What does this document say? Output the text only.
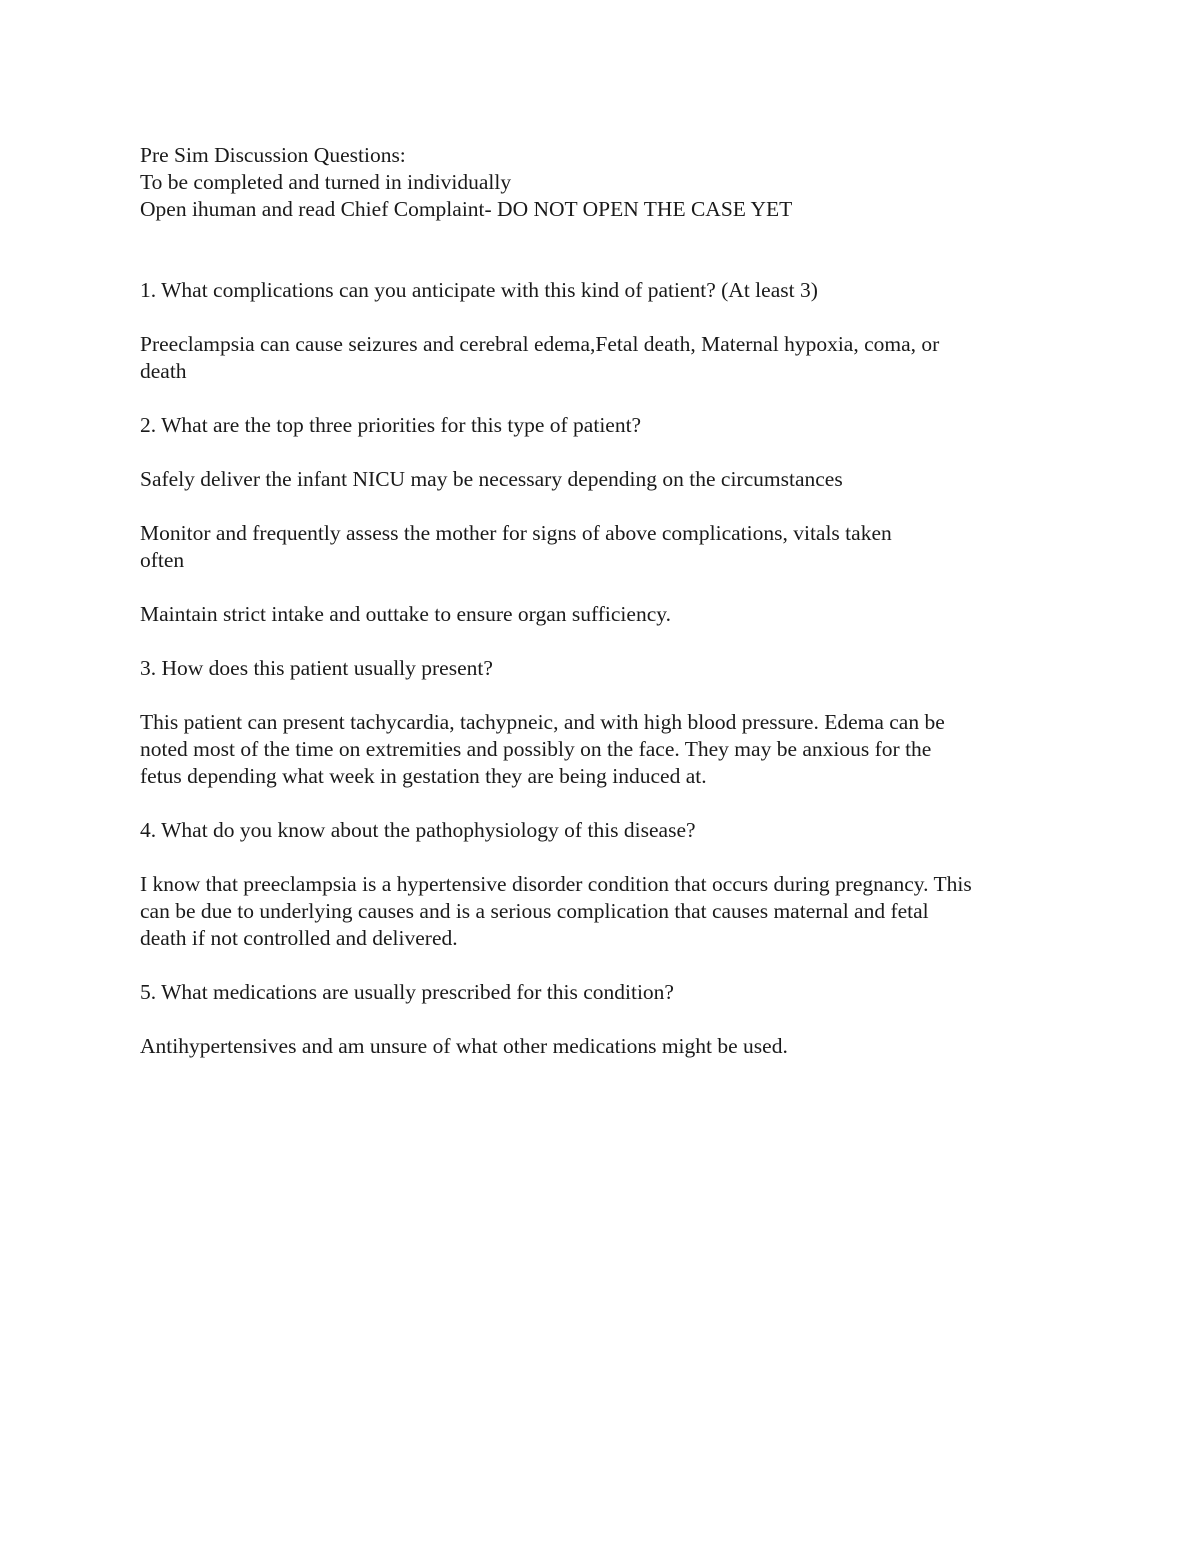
Pre Sim Discussion Questions:
To be completed and turned in individually
Open ihuman and read Chief Complaint- DO NOT OPEN THE CASE YET
1. What complications can you anticipate with this kind of patient? (At least 3)
Preeclampsia can cause seizures and cerebral edema,Fetal death, Maternal hypoxia, coma, or
death
2. What are the top three priorities for this type of patient?
Safely deliver the infant NICU may be necessary depending on the circumstances
Monitor and frequently assess the mother for signs of above complications, vitals taken
often
Maintain strict intake and outtake to ensure organ sufficiency.
3. How does this patient usually present?
This patient can present tachycardia, tachypneic, and with high blood pressure. Edema can be
noted most of the time on extremities and possibly on the face. They may be anxious for the
fetus depending what week in gestation they are being induced at.
4. What do you know about the pathophysiology of this disease?
I know that preeclampsia is a hypertensive disorder condition that occurs during pregnancy. This
can be due to underlying causes and is a serious complication that causes maternal and fetal
death if not controlled and delivered.
5. What medications are usually prescribed for this condition?
Antihypertensives and am unsure of what other medications might be used.
